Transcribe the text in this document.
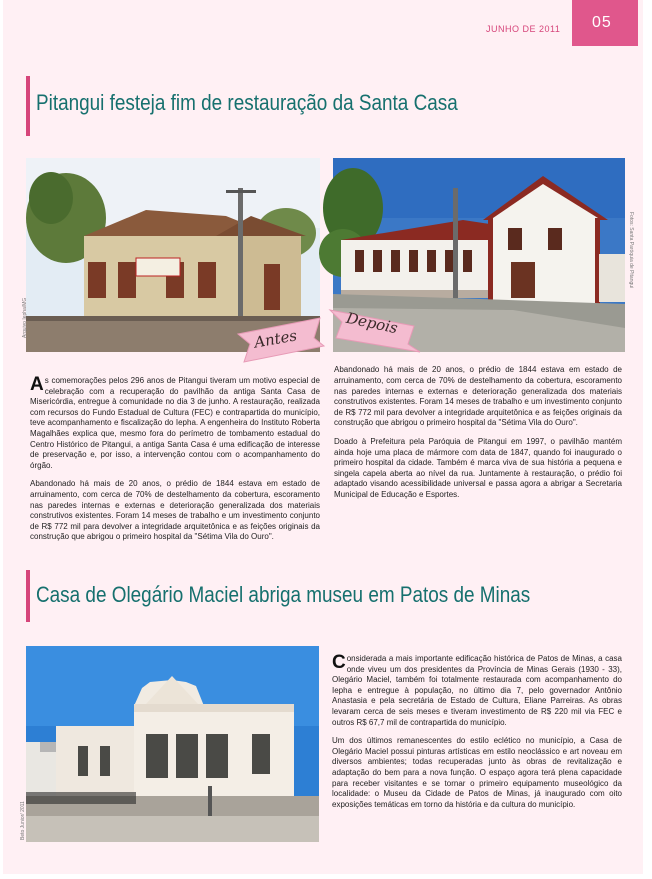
JUNHO DE 2011 05
Pitangui festeja fim de restauração da Santa Casa
Arquivo Iepha/MG
Fotos: Santa Paróquia de Pitangui
Antes
Depois

As comemorações pelos 296 anos de Pitangui tiveram um motivo especial de celebração com a recuperação do pavilhão da antiga Santa Casa de Misericórdia, entregue à comunidade no dia 3 de junho. A restauração, realizada com recursos do Fundo Estadual de Cultura (FEC) e contrapartida do município, teve acompanhamento e fiscalização do Iepha. A engenheira do Instituto Roberta Magalhães explica que, mesmo fora do perímetro de tombamento estadual do Centro Histórico de Pitangui, a antiga Santa Casa é uma edificação de interesse de preservação e, por isso, a intervenção contou com o acompanhamento do órgão.

Abandonado há mais de 20 anos, o prédio de 1844 estava em estado de arruinamento, com cerca de 70% de destelhamento da cobertura, escoramento nas paredes internas e externas e deterioração generalizada dos materiais construtivos existentes. Foram 14 meses de trabalho e um investimento conjunto de R$ 772 mil para devolver a integridade arquitetônica e as feições originais da construção que abrigou o primeiro hospital da "Sétima Vila do Ouro".

Abandonado há mais de 20 anos, o prédio de 1844 estava em estado de arruinamento, com cerca de 70% de destelhamento da cobertura, escoramento nas paredes internas e externas e deterioração generalizada dos materiais construtivos existentes. Foram 14 meses de trabalho e um investimento conjunto de R$ 772 mil para devolver a integridade arquitetônica e as feições originais da construção que abrigou o primeiro hospital da "Sétima Vila do Ouro".

Doado à Prefeitura pela Paróquia de Pitangui em 1997, o pavilhão mantém ainda hoje uma placa de mármore com data de 1847, quando foi inaugurado o primeiro hospital da cidade. Também é marca viva de sua história a pequena e singela capela aberta ao nível da rua. Juntamente à restauração, o prédio foi adaptado visando acessibilidade universal e passa agora a abrigar a Secretaria Municipal de Educação e Esportes.

Casa de Olegário Maciel abriga museu em Patos de Minas
Beto Junior/ 2011

Considerada a mais importante edificação histórica de Patos de Minas, a casa onde viveu um dos presidentes da Província de Minas Gerais (1930 - 33), Olegário Maciel, também foi totalmente restaurada com acompanhamento do Iepha e entregue à população, no último dia 7, pelo governador Antônio Anastasia e pela secretária de Estado de Cultura, Eliane Parreiras. As obras levaram cerca de seis meses e tiveram investimento de R$ 220 mil via FEC e outros R$ 67,7 mil de contrapartida do município.

Um dos últimos remanescentes do estilo eclético no município, a Casa de Olegário Maciel possui pinturas artísticas em estilo neoclássico e art noveau em diversos ambientes; todas recuperadas junto às obras de revitalização e adaptação do bem para a nova função. O espaço agora terá plena capacidade para receber visitantes e se tornar o primeiro equipamento museológico da localidade: o Museu da Cidade de Patos de Minas, já inaugurado com oito exposições temáticas em torno da história e da cultura do município.
